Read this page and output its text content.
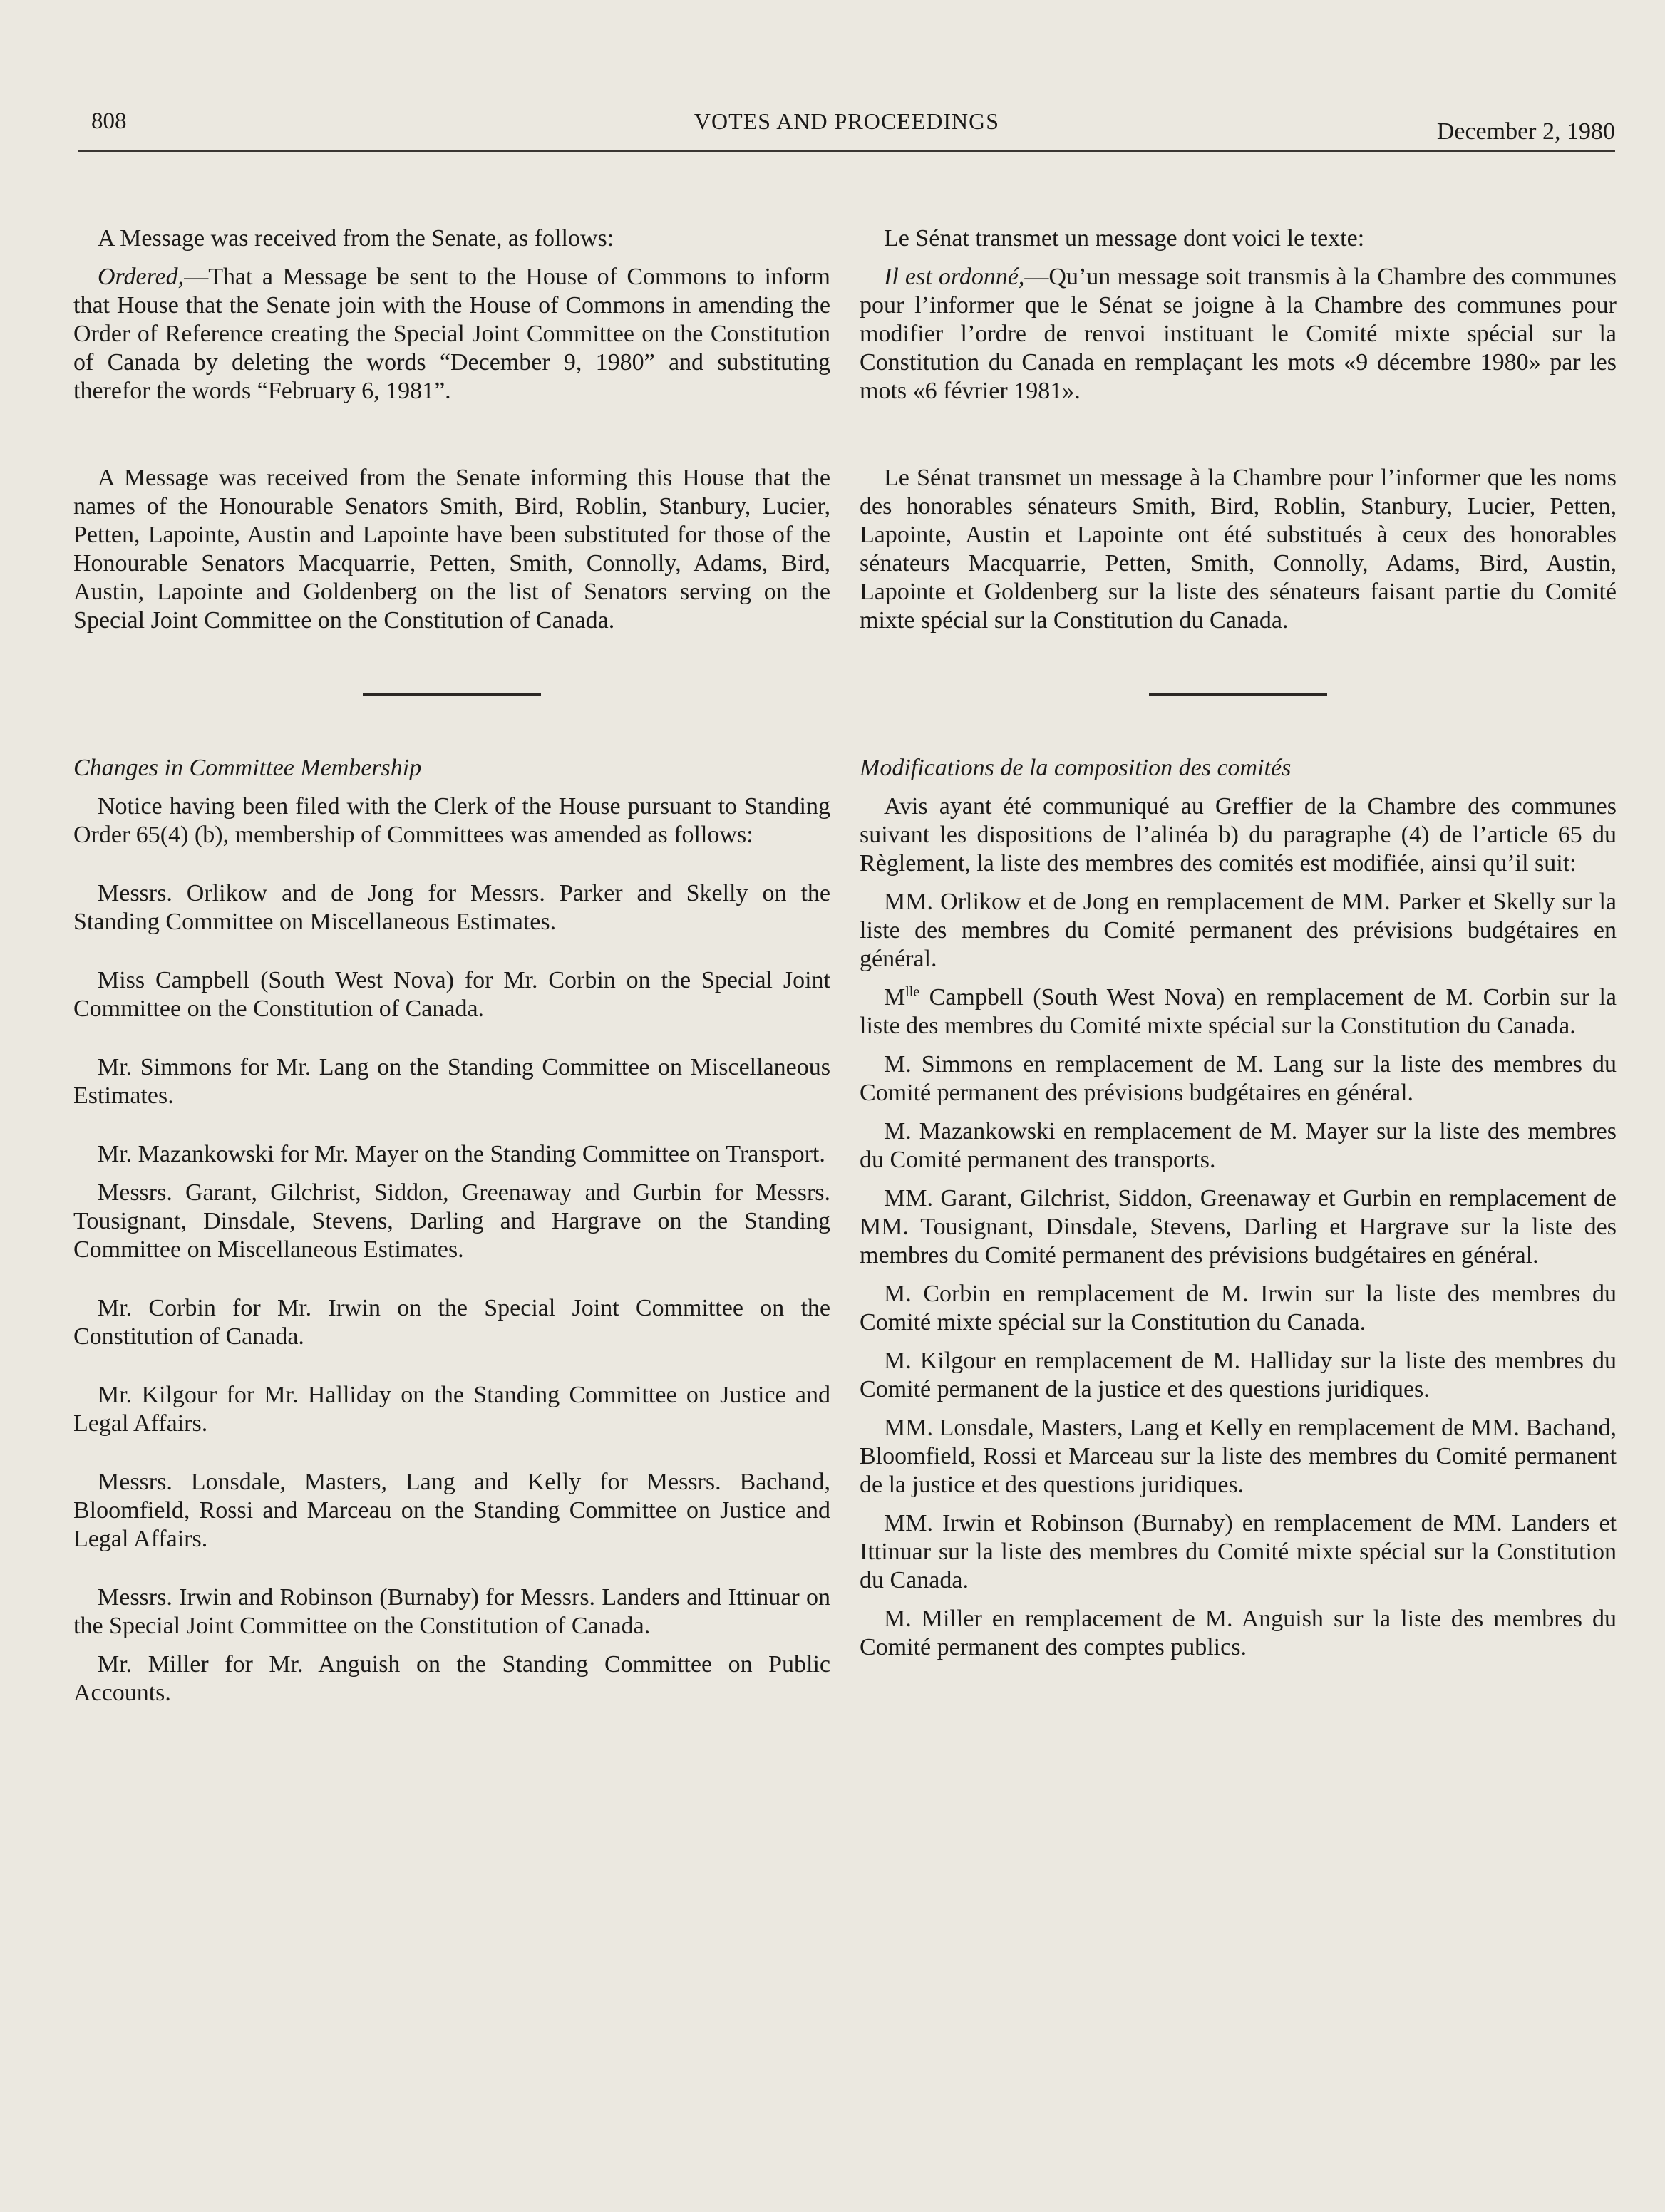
808	VOTES AND PROCEEDINGS	December 2, 1980

A Message was received from the Senate, as follows:

Ordered,—That a Message be sent to the House of Commons to inform that House that the Senate join with the House of Commons in amending the Order of Reference creating the Special Joint Committee on the Constitution of Canada by deleting the words “December 9, 1980” and substituting therefor the words “February 6, 1981”.

A Message was received from the Senate informing this House that the names of the Honourable Senators Smith, Bird, Roblin, Stanbury, Lucier, Petten, Lapointe, Austin and Lapointe have been substituted for those of the Honourable Senators Macquarrie, Petten, Smith, Connolly, Adams, Bird, Austin, Lapointe and Goldenberg on the list of Senators serving on the Special Joint Committee on the Constitution of Canada.

Changes in Committee Membership

Notice having been filed with the Clerk of the House pursuant to Standing Order 65(4) (b), membership of Committees was amended as follows:

Messrs. Orlikow and de Jong for Messrs. Parker and Skelly on the Standing Committee on Miscellaneous Estimates.

Miss Campbell (South West Nova) for Mr. Corbin on the Special Joint Committee on the Constitution of Canada.

Mr. Simmons for Mr. Lang on the Standing Committee on Miscellaneous Estimates.

Mr. Mazankowski for Mr. Mayer on the Standing Committee on Transport.

Messrs. Garant, Gilchrist, Siddon, Greenaway and Gurbin for Messrs. Tousignant, Dinsdale, Stevens, Darling and Hargrave on the Standing Committee on Miscellaneous Estimates.

Mr. Corbin for Mr. Irwin on the Special Joint Committee on the Constitution of Canada.

Mr. Kilgour for Mr. Halliday on the Standing Committee on Justice and Legal Affairs.

Messrs. Lonsdale, Masters, Lang and Kelly for Messrs. Bachand, Bloomfield, Rossi and Marceau on the Standing Committee on Justice and Legal Affairs.

Messrs. Irwin and Robinson (Burnaby) for Messrs. Landers and Ittinuar on the Special Joint Committee on the Constitution of Canada.

Mr. Miller for Mr. Anguish on the Standing Committee on Public Accounts.

Le Sénat transmet un message dont voici le texte:

Il est ordonné,—Qu’un message soit transmis à la Chambre des communes pour l’informer que le Sénat se joigne à la Chambre des communes pour modifier l’ordre de renvoi instituant le Comité mixte spécial sur la Constitution du Canada en remplaçant les mots «9 décembre 1980» par les mots «6 février 1981».

Le Sénat transmet un message à la Chambre pour l’informer que les noms des honorables sénateurs Smith, Bird, Roblin, Stanbury, Lucier, Petten, Lapointe, Austin et Lapointe ont été substitués à ceux des honorables sénateurs Macquarrie, Petten, Smith, Connolly, Adams, Bird, Austin, Lapointe et Goldenberg sur la liste des sénateurs faisant partie du Comité mixte spécial sur la Constitution du Canada.

Modifications de la composition des comités

Avis ayant été communiqué au Greffier de la Chambre des communes suivant les dispositions de l’alinéa b) du paragraphe (4) de l’article 65 du Règlement, la liste des membres des comités est modifiée, ainsi qu’il suit:

MM. Orlikow et de Jong en remplacement de MM. Parker et Skelly sur la liste des membres du Comité permanent des prévisions budgétaires en général.

$M^{lle}$ Campbell (South West Nova) en remplacement de M. Corbin sur la liste des membres du Comité mixte spécial sur la Constitution du Canada.

M. Simmons en remplacement de M. Lang sur la liste des membres du Comité permanent des prévisions budgétaires en général.

M. Mazankowski en remplacement de M. Mayer sur la liste des membres du Comité permanent des transports.

MM. Garant, Gilchrist, Siddon, Greenaway et Gurbin en remplacement de MM. Tousignant, Dinsdale, Stevens, Darling et Hargrave sur la liste des membres du Comité permanent des prévisions budgétaires en général.

M. Corbin en remplacement de M. Irwin sur la liste des membres du Comité mixte spécial sur la Constitution du Canada.

M. Kilgour en remplacement de M. Halliday sur la liste des membres du Comité permanent de la justice et des questions juridiques.

MM. Lonsdale, Masters, Lang et Kelly en remplacement de MM. Bachand, Bloomfield, Rossi et Marceau sur la liste des membres du Comité permanent de la justice et des questions juridiques.

MM. Irwin et Robinson (Burnaby) en remplacement de MM. Landers et Ittinuar sur la liste des membres du Comité mixte spécial sur la Constitution du Canada.

M. Miller en remplacement de M. Anguish sur la liste des membres du Comité permanent des comptes publics.
